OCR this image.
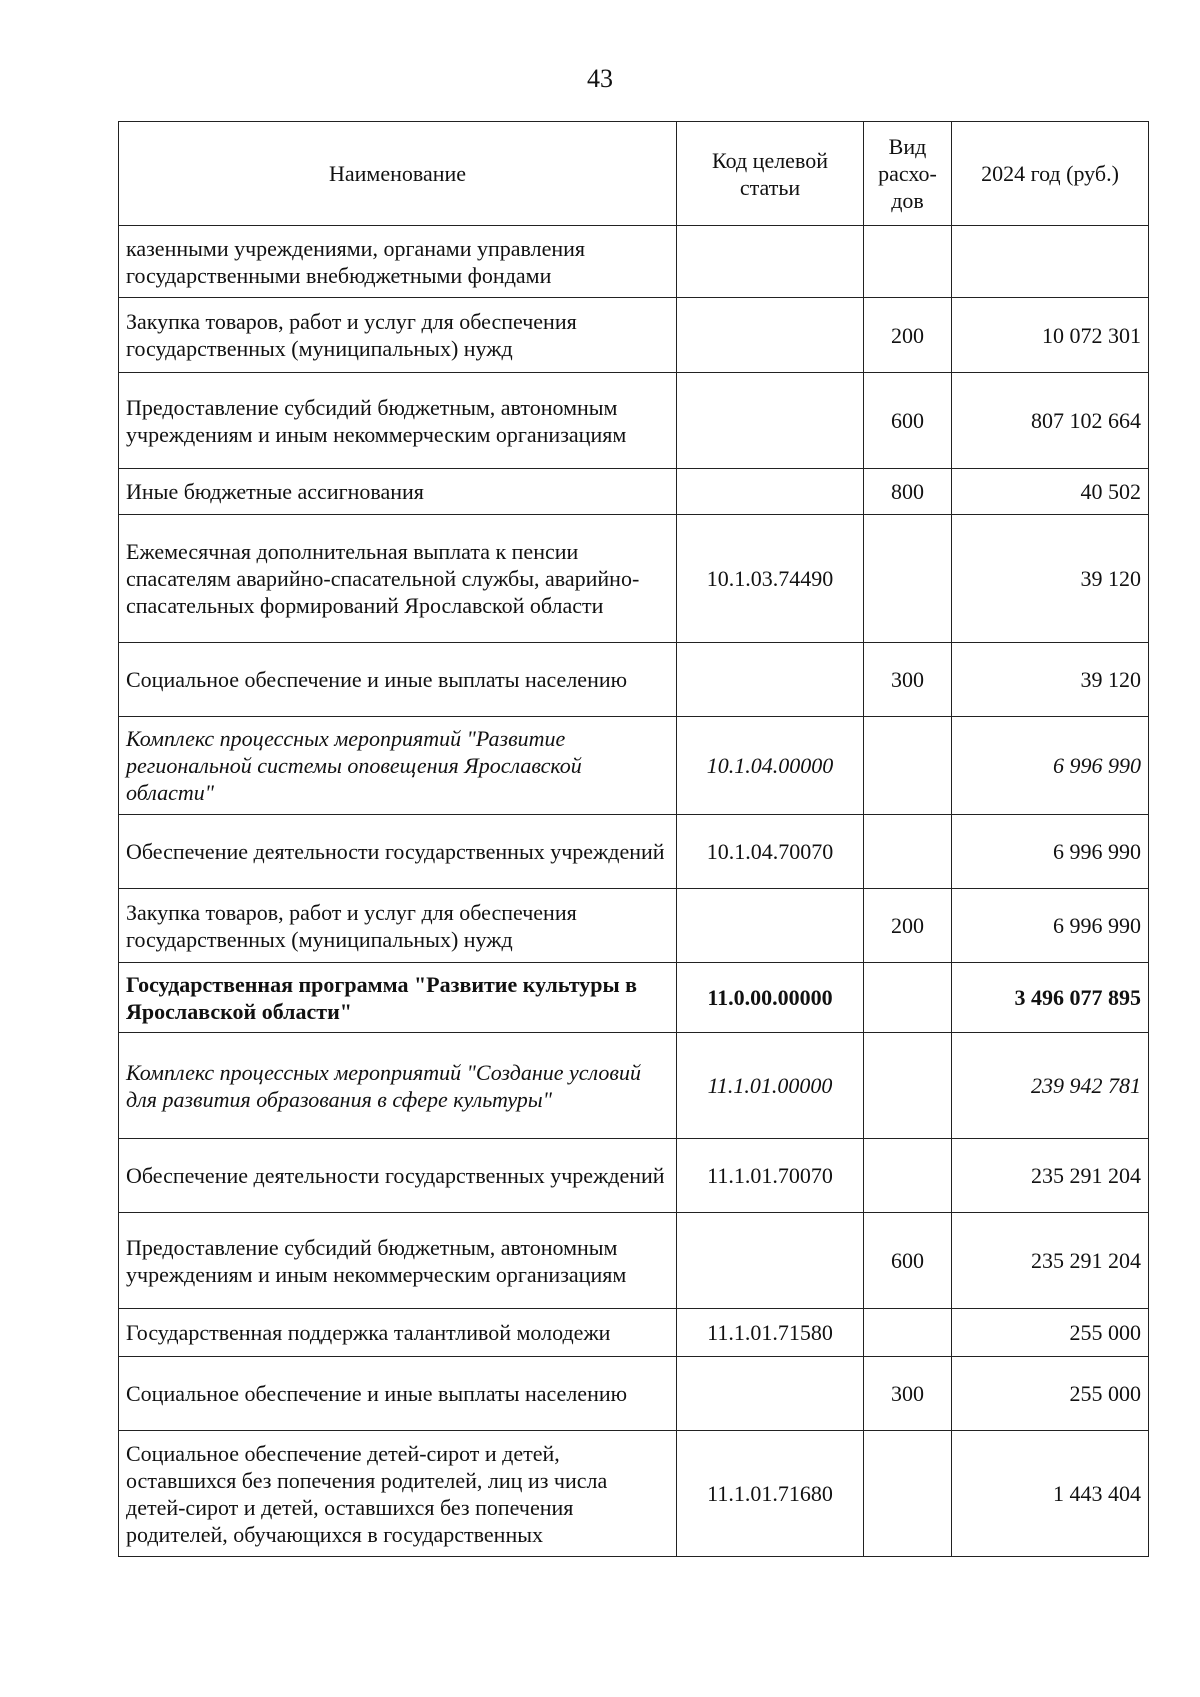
43
Наименование	Код целевой статьи	Вид расхо-дов	2024 год (руб.)
казенными учреждениями, органами управления государственными внебюджетными фондами			
Закупка товаров, работ и услуг для обеспечения государственных (муниципальных) нужд		200	10 072 301
Предоставление субсидий бюджетным, автономным учреждениям и иным некоммерческим организациям		600	807 102 664
Иные бюджетные ассигнования		800	40 502
Ежемесячная дополнительная выплата к пенсии спасателям аварийно-спасательной службы, аварийно-спасательных формирований Ярославской области	10.1.03.74490		39 120
Социальное обеспечение и иные выплаты населению		300	39 120
Комплекс процессных мероприятий "Развитие региональной системы оповещения Ярославской области"	10.1.04.00000		6 996 990
Обеспечение деятельности государственных учреждений	10.1.04.70070		6 996 990
Закупка товаров, работ и услуг для обеспечения государственных (муниципальных) нужд		200	6 996 990
Государственная программа "Развитие культуры в Ярославской области"	11.0.00.00000		3 496 077 895
Комплекс процессных мероприятий "Создание условий для развития образования в сфере культуры"	11.1.01.00000		239 942 781
Обеспечение деятельности государственных учреждений	11.1.01.70070		235 291 204
Предоставление субсидий бюджетным, автономным учреждениям и иным некоммерческим организациям		600	235 291 204
Государственная поддержка талантливой молодежи	11.1.01.71580		255 000
Социальное обеспечение и иные выплаты населению		300	255 000
Социальное обеспечение детей-сирот и детей, оставшихся без попечения родителей, лиц из числа детей-сирот и детей, оставшихся без попечения родителей, обучающихся в государственных	11.1.01.71680		1 443 404
